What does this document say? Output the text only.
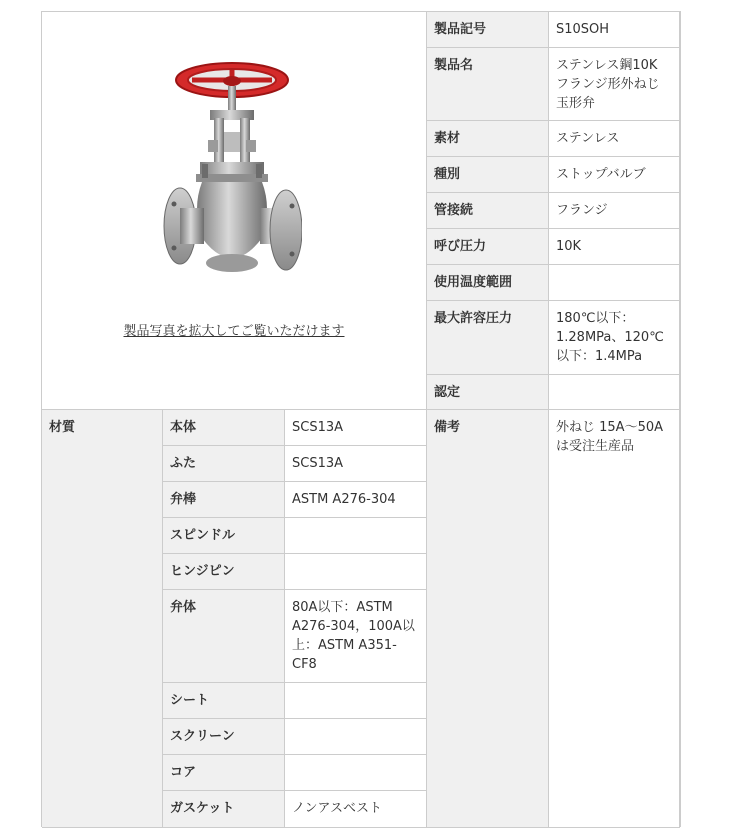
製品写真を拡大してご覧いただけます
製品記号	S10SOH
製品名	ステンレス鋼10K フランジ形外ねじ玉形弁
素材	ステンレス
種別	ストップバルブ
管接続	フランジ
呼び圧力	10K
使用温度範囲
最大許容圧力	180℃以下：1.28MPa、120℃以下：1.4MPa
認定
材質	本体	SCS13A
ふた	SCS13A
弁棒	ASTM A276-304
スピンドル
ヒンジピン
弁体	80A以下：ASTM A276-304，100A以上：ASTM A351-CF8
シート
スクリーン
コア
ガスケット	ノンアスベスト
備考	外ねじ 15A～50Aは受注生産品
